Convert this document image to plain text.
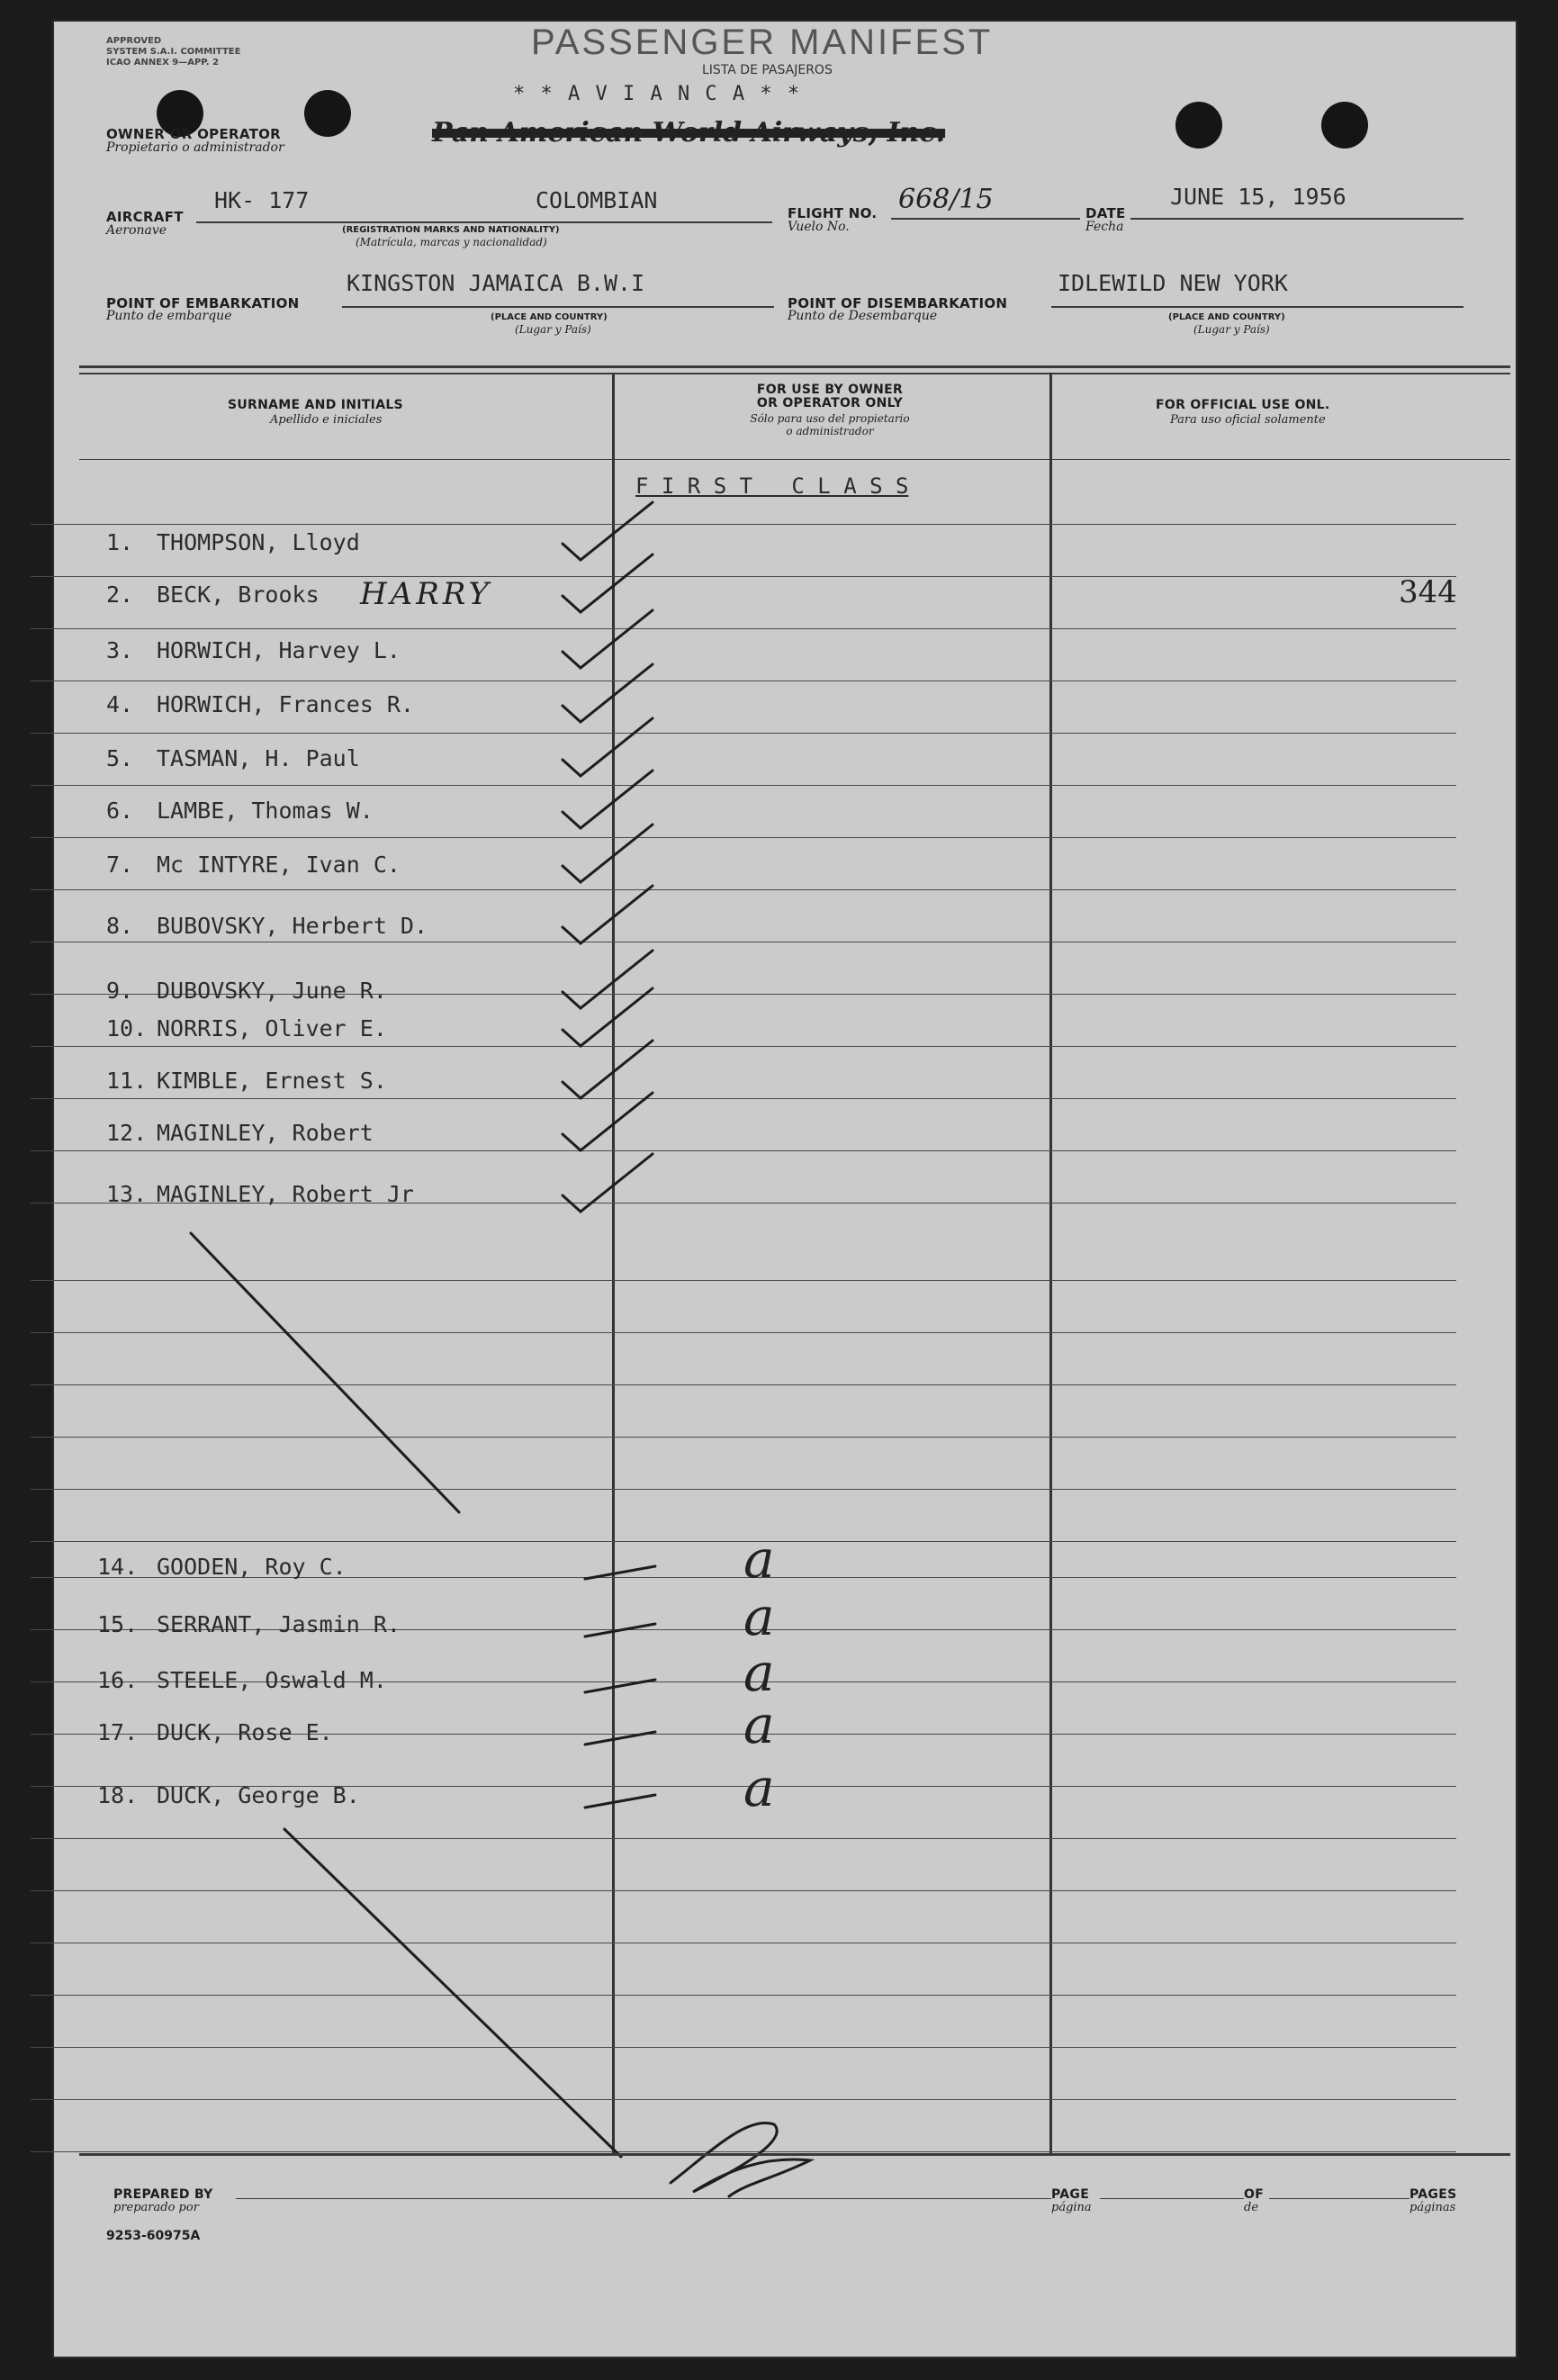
APPROVED
SYSTEM S.A.I. COMMITTEE
ICAO ANNEX 9—APP. 2
PASSENGER MANIFEST
LISTA DE PASAJEROS
* * A V I A N C A * *
Pan American World Airways, Inc.
OWNER OR OPERATOR
Propietario o administrador
AIRCRAFT
Aeronave
HK- 177	COLOMBIAN
(REGISTRATION MARKS AND NATIONALITY)
(Matrícula, marcas y nacionalidad)
FLIGHT NO.
Vuelo No.
668/15	DATE
Fecha
JUNE 15, 1956
POINT OF EMBARKATION
Punto de embarque
KINGSTON JAMAICA B.W.I
(PLACE AND COUNTRY)
(Lugar y País)
POINT OF DISEMBARKATION
Punto de Desembarque
IDLEWILD NEW YORK
(PLACE AND COUNTRY)
(Lugar y País)
SURNAME AND INITIALS
Apellido e iniciales
FOR USE BY OWNER
OR OPERATOR ONLY
Sólo para uso del propietario
o administrador
FOR OFFICIAL USE ONL.
Para uso oficial solamente
F I R S T   C L A S S
1. THOMPSON, Lloyd
2. BECK, Brooks
3. HORWICH, Harvey L.
4. HORWICH, Frances R.
5. TASMAN, H. Paul
6. LAMBE, Thomas W.
7. Mc INTYRE, Ivan C.
8. BUBOVSKY, Herbert D.
9. DUBOVSKY, June R.
10. NORRIS, Oliver E.
11. KIMBLE, Ernest S.
12. MAGINLEY, Robert
13. MAGINLEY, Robert Jr
14. GOODEN, Roy C.
15. SERRANT, Jasmin R.
16. STEELE, Oswald M.
17. DUCK, Rose E.
18. DUCK, George B.
344
HARRY
a
a
a
a
a
PREPARED BY
preparado por
PAGE
página
OF
de
PAGES
páginas
9253-60975A
